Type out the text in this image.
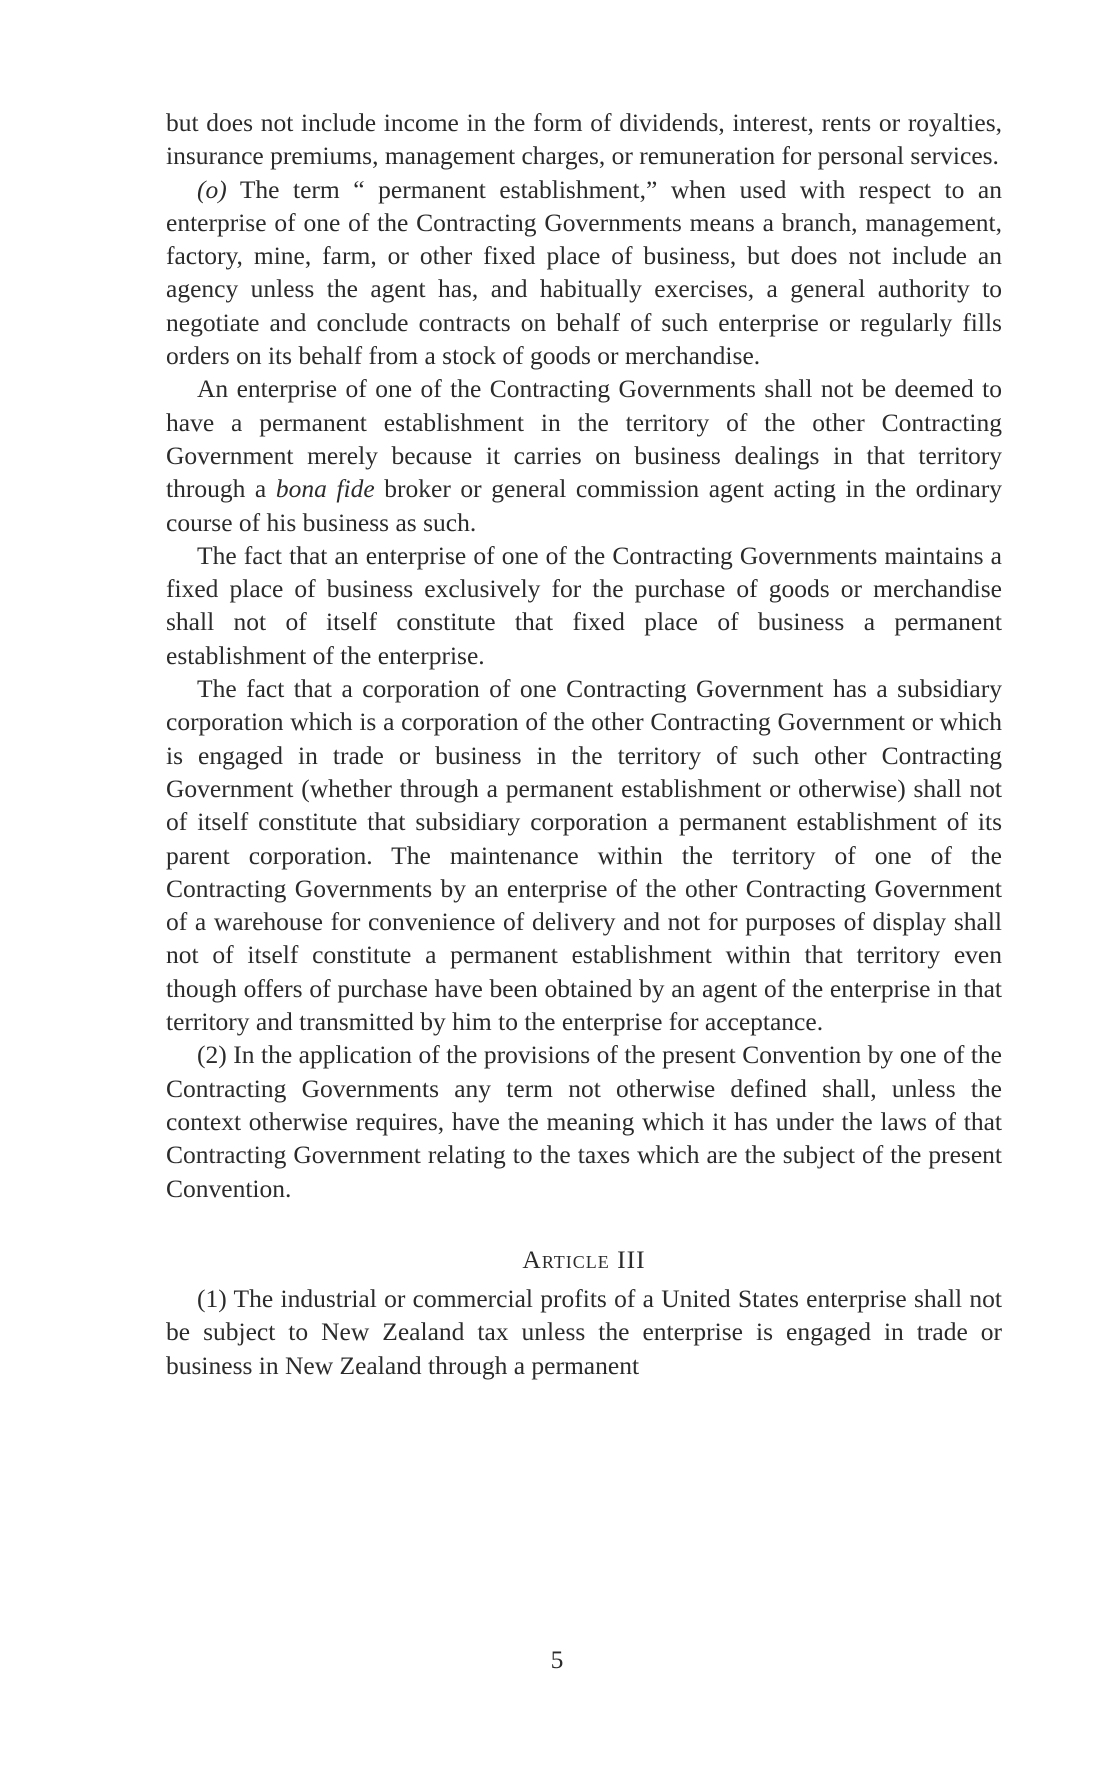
but does not include income in the form of dividends, interest, rents or royalties, insurance premiums, management charges, or remuneration for personal services.

(o) The term “ permanent establishment,” when used with respect to an enterprise of one of the Contracting Governments means a branch, management, factory, mine, farm, or other fixed place of business, but does not include an agency unless the agent has, and habitually exercises, a general authority to negotiate and conclude contracts on behalf of such enterprise or regularly fills orders on its behalf from a stock of goods or merchandise.

An enterprise of one of the Contracting Governments shall not be deemed to have a permanent establishment in the territory of the other Contracting Government merely because it carries on business dealings in that territory through a bona fide broker or general commission agent acting in the ordinary course of his business as such.

The fact that an enterprise of one of the Contracting Governments maintains a fixed place of business exclusively for the purchase of goods or merchandise shall not of itself constitute that fixed place of business a permanent establishment of the enterprise.

The fact that a corporation of one Contracting Government has a subsidiary corporation which is a corporation of the other Contracting Government or which is engaged in trade or business in the territory of such other Contracting Government (whether through a permanent establishment or otherwise) shall not of itself constitute that subsidiary corporation a permanent establishment of its parent corporation. The maintenance within the territory of one of the Contracting Governments by an enterprise of the other Contracting Government of a warehouse for convenience of delivery and not for purposes of display shall not of itself constitute a permanent establishment within that territory even though offers of purchase have been obtained by an agent of the enterprise in that territory and transmitted by him to the enterprise for acceptance.

(2) In the application of the provisions of the present Convention by one of the Contracting Governments any term not otherwise defined shall, unless the context otherwise requires, have the meaning which it has under the laws of that Contracting Government relating to the taxes which are the subject of the present Convention.

Article III

(1) The industrial or commercial profits of a United States enterprise shall not be subject to New Zealand tax unless the enterprise is engaged in trade or business in New Zealand through a permanent

5
